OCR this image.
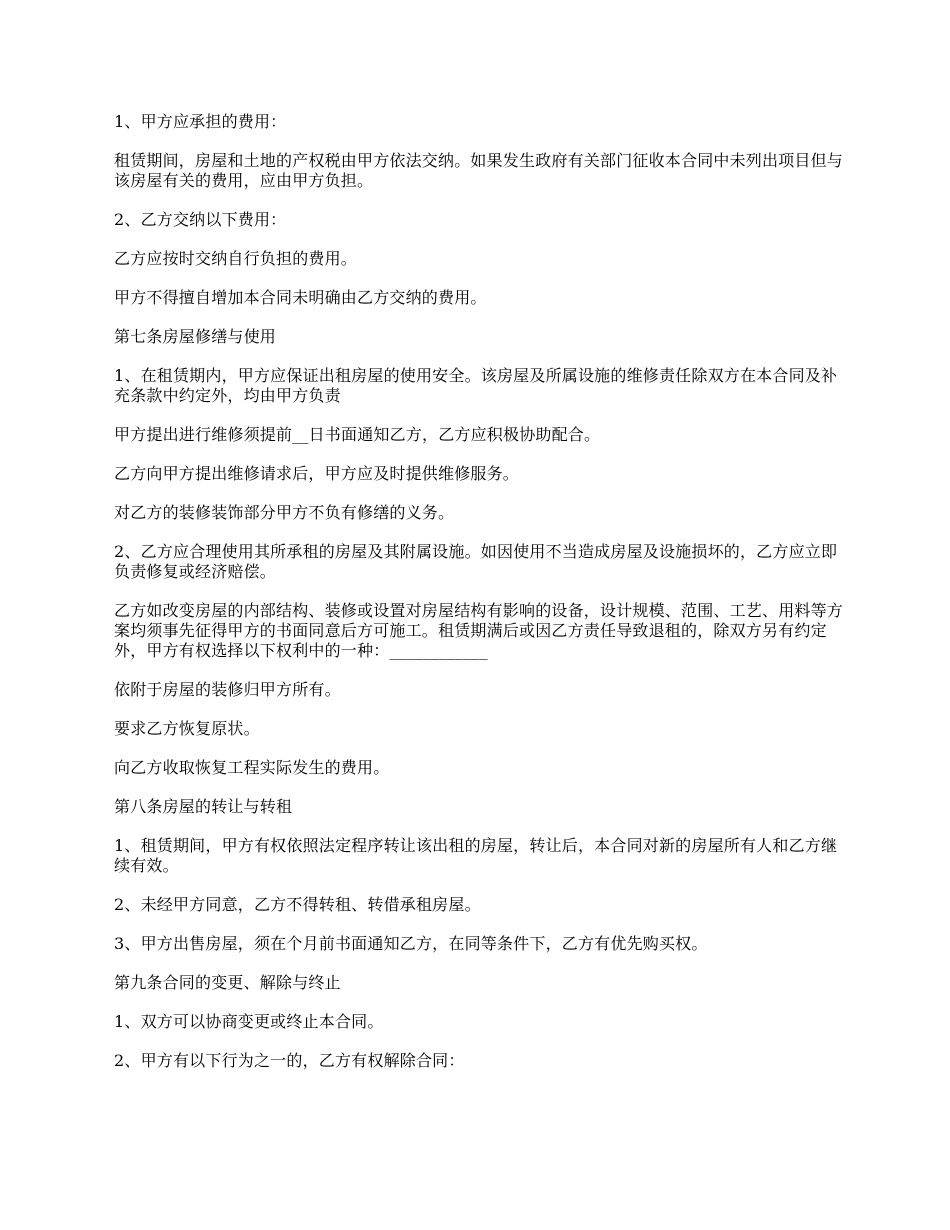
1、甲方应承担的费用：

租赁期间，房屋和土地的产权税由甲方依法交纳。如果发生政府有关部门征收本合同中未列出项目但与该房屋有关的费用，应由甲方负担。

2、乙方交纳以下费用：

乙方应按时交纳自行负担的费用。

甲方不得擅自增加本合同未明确由乙方交纳的费用。

第七条房屋修缮与使用

1、在租赁期内，甲方应保证出租房屋的使用安全。该房屋及所属设施的维修责任除双方在本合同及补充条款中约定外，均由甲方负责

甲方提出进行维修须提前__日书面通知乙方，乙方应积极协助配合。

乙方向甲方提出维修请求后，甲方应及时提供维修服务。

对乙方的装修装饰部分甲方不负有修缮的义务。

2、乙方应合理使用其所承租的房屋及其附属设施。如因使用不当造成房屋及设施损坏的，乙方应立即负责修复或经济赔偿。

乙方如改变房屋的内部结构、装修或设置对房屋结构有影响的设备，设计规模、范围、工艺、用料等方案均须事先征得甲方的书面同意后方可施工。租赁期满后或因乙方责任导致退租的，除双方另有约定外，甲方有权选择以下权利中的一种：____________

依附于房屋的装修归甲方所有。

要求乙方恢复原状。

向乙方收取恢复工程实际发生的费用。

第八条房屋的转让与转租

1、租赁期间，甲方有权依照法定程序转让该出租的房屋，转让后，本合同对新的房屋所有人和乙方继续有效。

2、未经甲方同意，乙方不得转租、转借承租房屋。

3、甲方出售房屋，须在个月前书面通知乙方，在同等条件下，乙方有优先购买权。

第九条合同的变更、解除与终止

1、双方可以协商变更或终止本合同。

2、甲方有以下行为之一的，乙方有权解除合同：
